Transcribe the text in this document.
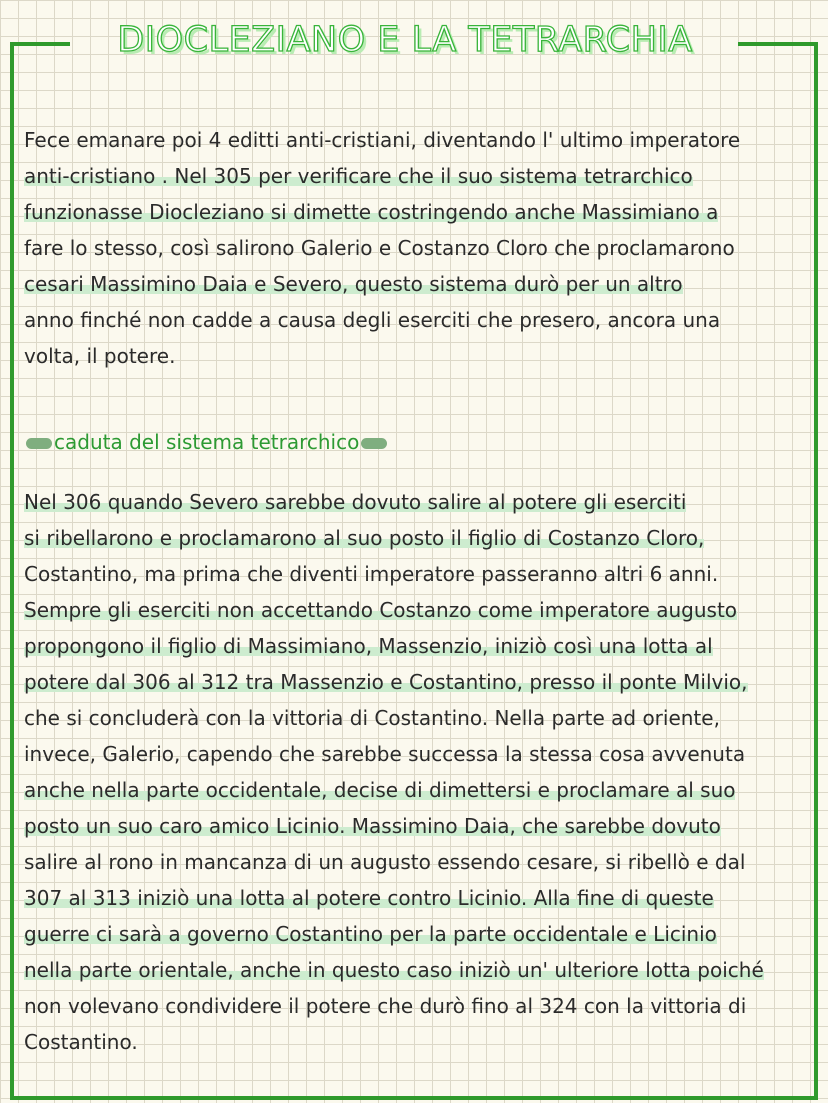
DIOCLEZIANO E LA TETRARCHIA
Fece emanare poi 4 editti anti-cristiani, diventando l' ultimo imperatore
anti-cristiano . Nel 305 per verificare che il suo sistema tetrarchico
funzionasse Diocleziano si dimette costringendo anche Massimiano a
fare lo stesso, così salirono Galerio e Costanzo Cloro che proclamarono
cesari Massimino Daia e Severo, questo sistema durò per un altro
anno finché non cadde a causa degli eserciti che presero, ancora una
volta, il potere.
caduta del sistema tetrarchico
Nel 306 quando Severo sarebbe dovuto salire al potere gli eserciti
si ribellarono e proclamarono al suo posto il figlio di Costanzo Cloro,
Costantino, ma prima che diventi imperatore passeranno altri 6 anni.
Sempre gli eserciti non accettando Costanzo come imperatore augusto
propongono il figlio di Massimiano, Massenzio, iniziò così una lotta al
potere dal 306 al 312 tra Massenzio e Costantino, presso il ponte Milvio,
che si concluderà con la vittoria di Costantino. Nella parte ad oriente,
invece, Galerio, capendo che sarebbe successa la stessa cosa avvenuta
anche nella parte occidentale, decise di dimettersi e proclamare al suo
posto un suo caro amico Licinio. Massimino Daia, che sarebbe dovuto
salire al rono in mancanza di un augusto essendo cesare, si ribellò e dal
307 al 313 iniziò una lotta al potere contro Licinio. Alla fine di queste
guerre ci sarà a governo Costantino per la parte occidentale e Licinio
nella parte orientale, anche in questo caso iniziò un' ulteriore lotta poiché
non volevano condividere il potere che durò fino al 324 con la vittoria di
Costantino.
